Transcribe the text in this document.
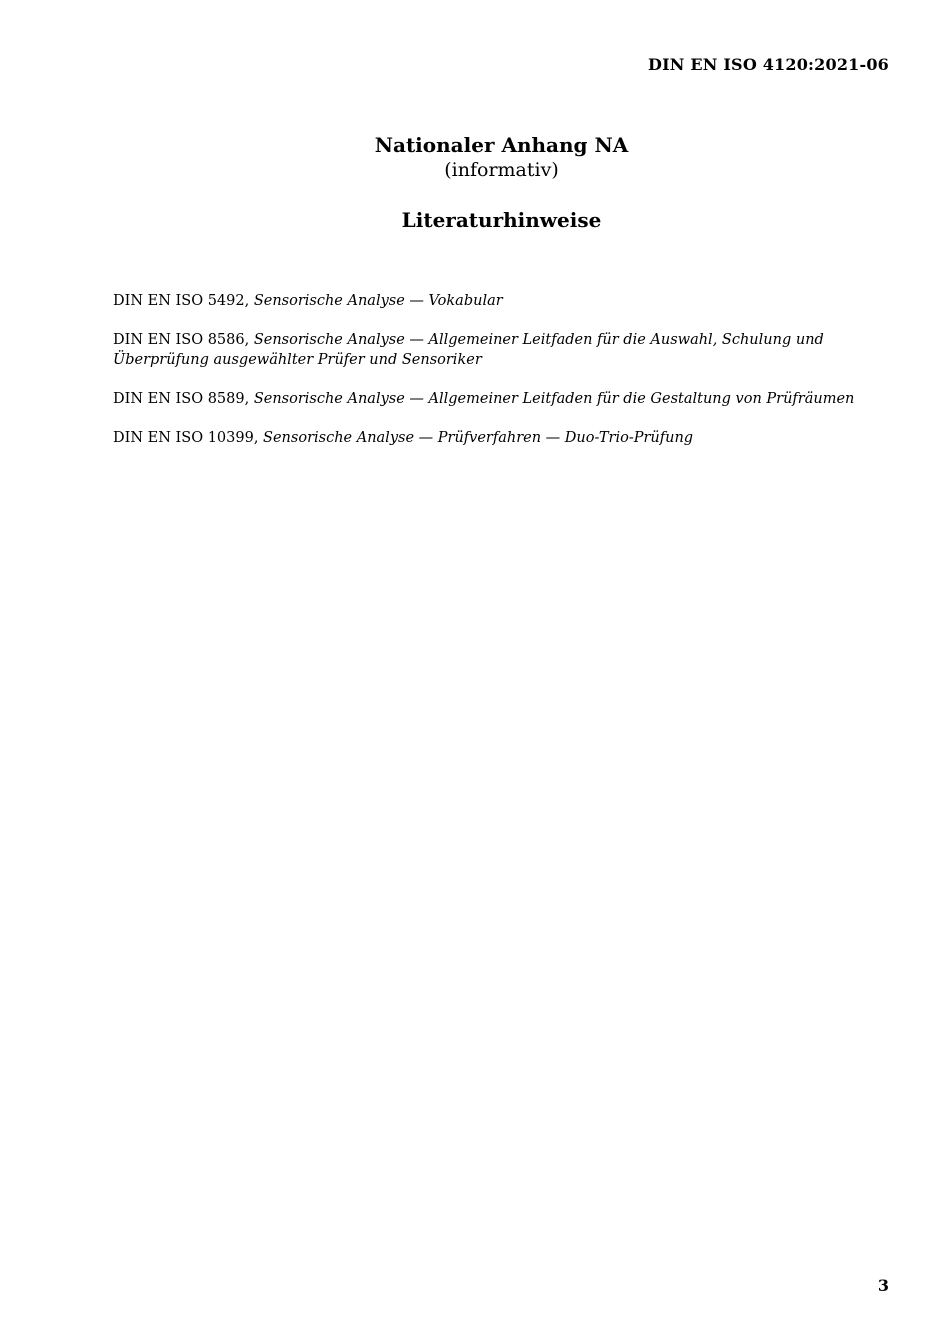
DIN EN ISO 4120:2021-06
Nationaler Anhang NA
(informativ)
Literaturhinweise

DIN EN ISO 5492, Sensorische Analyse — Vokabular

DIN EN ISO 8586, Sensorische Analyse — Allgemeiner Leitfaden für die Auswahl, Schulung und Überprüfung ausgewählter Prüfer und Sensoriker

DIN EN ISO 8589, Sensorische Analyse — Allgemeiner Leitfaden für die Gestaltung von Prüfräumen

DIN EN ISO 10399, Sensorische Analyse — Prüfverfahren — Duo-Trio-Prüfung

3
